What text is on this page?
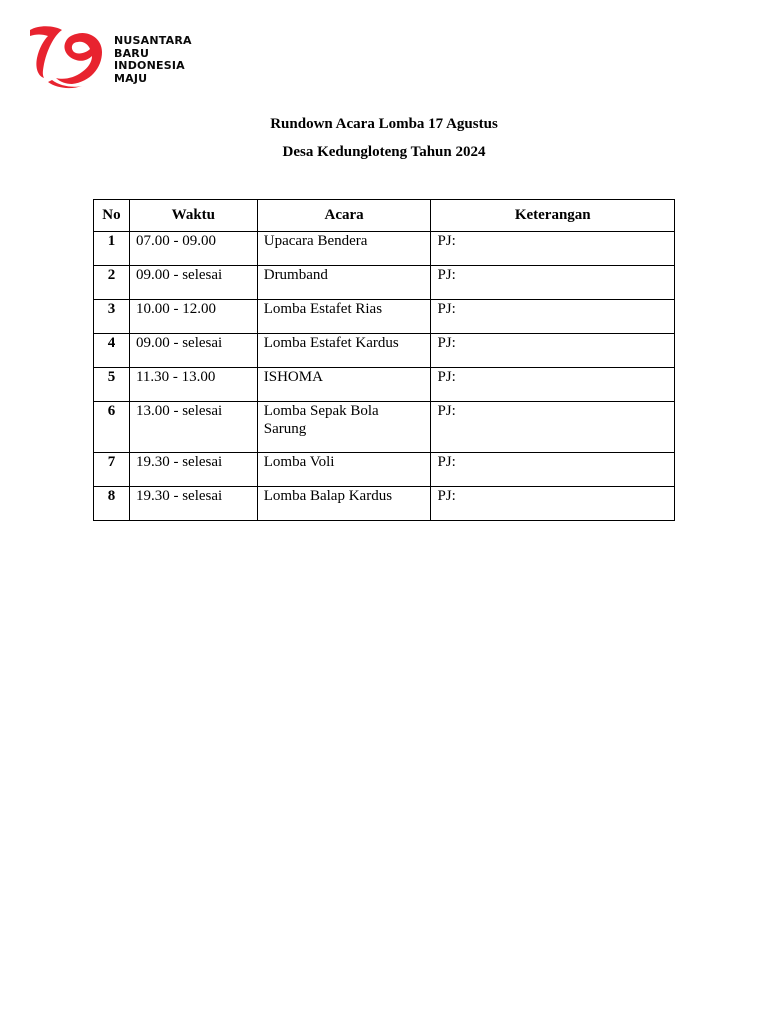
NUSANTARA
BARU
INDONESIA
MAJU

Rundown Acara Lomba 17 Agustus

Desa Kedungloteng Tahun 2024

No	Waktu	Acara	Keterangan
1	07.00 - 09.00	Upacara Bendera	PJ:
2	09.00 - selesai	Drumband	PJ:
3	10.00 - 12.00	Lomba Estafet Rias	PJ:
4	09.00 - selesai	Lomba Estafet Kardus	PJ:
5	11.30 - 13.00	ISHOMA	PJ:
6	13.00 - selesai	Lomba Sepak Bola Sarung	PJ:
7	19.30 - selesai	Lomba Voli	PJ:
8	19.30 - selesai	Lomba Balap Kardus	PJ:
